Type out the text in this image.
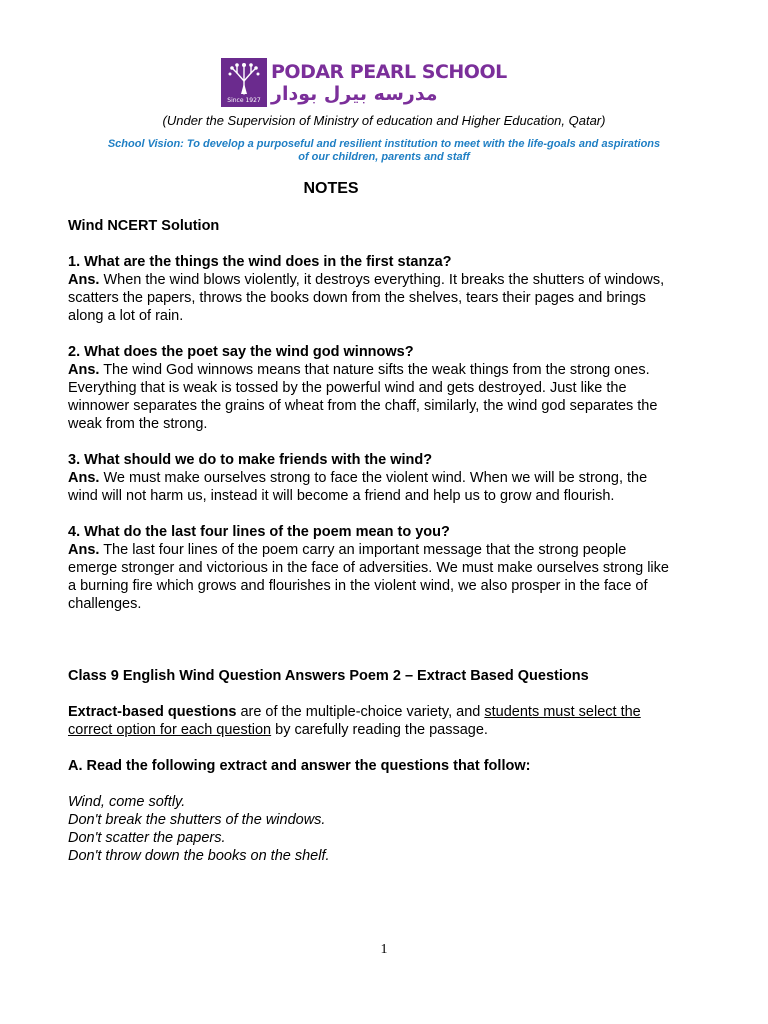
Since 1927
PODAR PEARL SCHOOL
مدرسه بيرل بودار
(Under the Supervision of Ministry of education and Higher Education, Qatar)
School Vision: To develop a purposeful and resilient institution to meet with the life-goals and aspirations of our children, parents and staff
NOTES

Wind NCERT Solution

1. What are the things the wind does in the first stanza?

Ans. When the wind blows violently, it destroys everything. It breaks the shutters of windows, scatters the papers, throws the books down from the shelves, tears their pages and brings along a lot of rain.

2. What does the poet say the wind god winnows?

Ans. The wind God winnows means that nature sifts the weak things from the strong ones. Everything that is weak is tossed by the powerful wind and gets destroyed. Just like the winnower separates the grains of wheat from the chaff, similarly, the wind god separates the weak from the strong.

3. What should we do to make friends with the wind?

Ans. We must make ourselves strong to face the violent wind. When we will be strong, the wind will not harm us, instead it will become a friend and help us to grow and flourish.

4. What do the last four lines of the poem mean to you?

Ans. The last four lines of the poem carry an important message that the strong people emerge stronger and victorious in the face of adversities. We must make ourselves strong like a burning fire which grows and flourishes in the violent wind, we also prosper in the face of challenges.

Class 9 English Wind Question Answers Poem 2 – Extract Based Questions

Extract-based questions are of the multiple-choice variety, and students must select the correct option for each question by carefully reading the passage.

A. Read the following extract and answer the questions that follow:

Wind, come softly.

Don't break the shutters of the windows.

Don't scatter the papers.

Don't throw down the books on the shelf.

1
